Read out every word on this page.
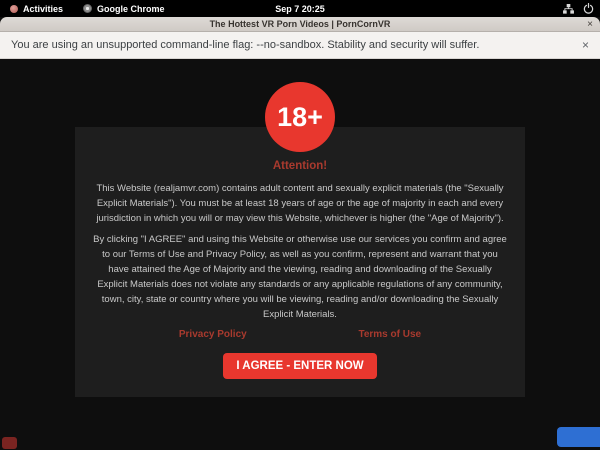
Activities	Google Chrome	Sep 7 20:25
The Hottest VR Porn Videos | PornCornVR	×
You are using an unsupported command-line flag: --no-sandbox. Stability and security will suffer.	×
18+
Attention!

This Website (realjamvr.com) contains adult content and sexually explicit materials (the "Sexually Explicit Materials"). You must be at least 18 years of age or the age of majority in each and every jurisdiction in which you will or may view this Website, whichever is higher (the "Age of Majority").

By clicking "I AGREE" and using this Website or otherwise use our services you confirm and agree to our Terms of Use and Privacy Policy, as well as you confirm, represent and warrant that you have attained the Age of Majority and the viewing, reading and downloading of the Sexually Explicit Materials does not violate any standards or any applicable regulations of any community, town, city, state or country where you will be viewing, reading and/or downloading the Sexually Explicit Materials.

Privacy Policy	Terms of Use
I AGREE - ENTER NOW
